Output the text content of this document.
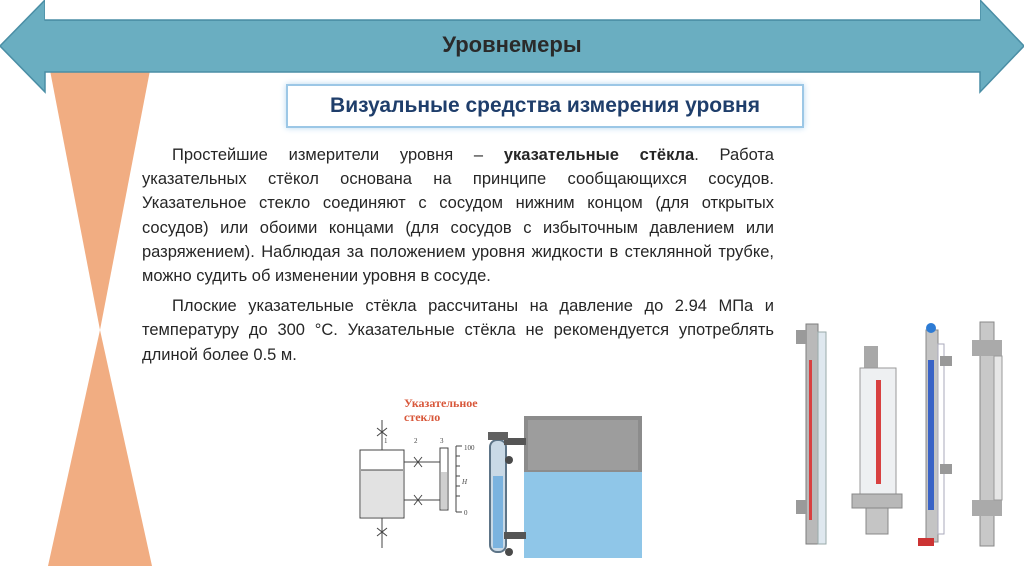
100
0
H
1	2	3
Уровнемеры
Визуальные средства измерения уровня

Простейшие измерители уровня – указательные стёкла. Работа указательных стёкол основана на принципе сообщающихся сосудов. Указательное стекло соединяют с сосудом нижним концом (для открытых сосудов) или обоими концами (для сосудов с избыточным давлением или разряжением). Наблюдая за положением уровня жидкости в стеклянной трубке, можно судить об изменении уровня в сосуде.

Плоские указательные стёкла рассчитаны на давление до 2.94 МПа и температуру до 300 °С. Указательные стёкла не рекомендуется употреблять длиной более 0.5 м.

Указательное
стекло
